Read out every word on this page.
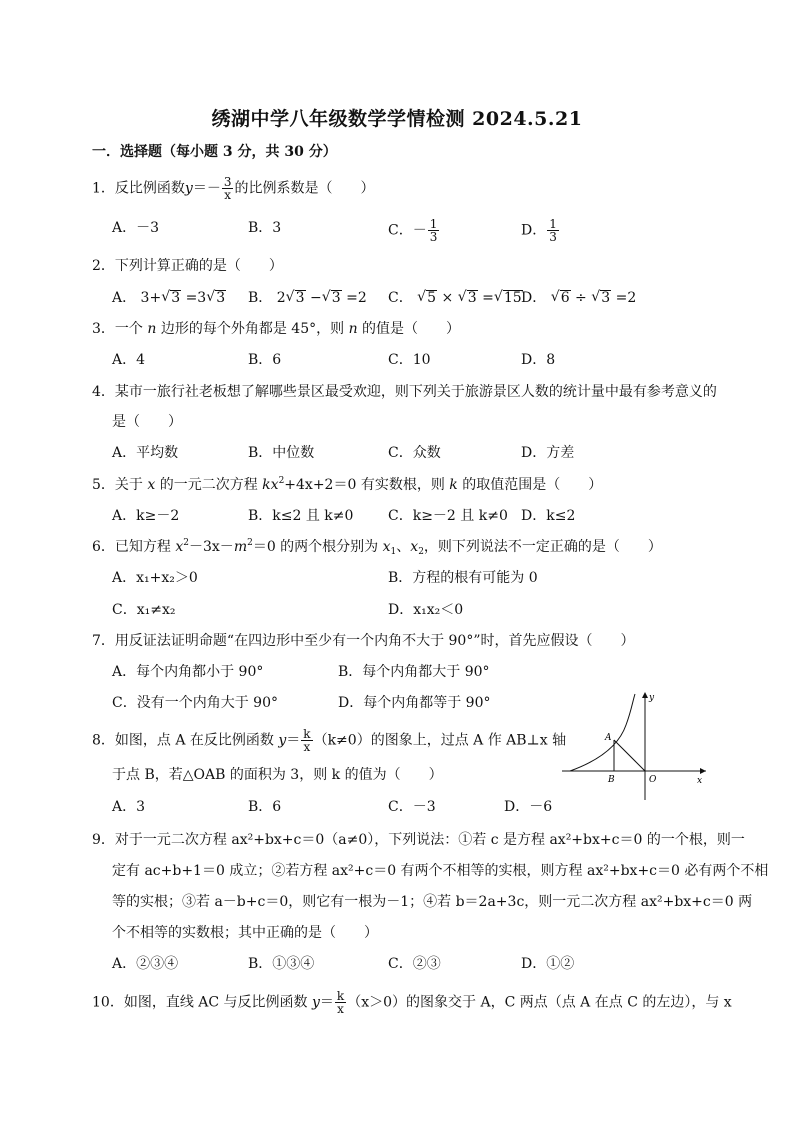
绣湖中学八年级数学学情检测 2024.5.21
一．选择题（每小题 3 分，共 30 分）
1．反比例函数$y=- \frac{3}{x}$ 的比例系数是（　　）
A．－3	B．3	C．－ $\frac{1}{3}$	D． $\frac{1}{3}$
2．下列计算正确的是（　　）
A． 3+ √ 3 =3 √ 3 B． 2 √ 3 − √ 3 =2 C． √ 5 × √ 3 = √ 15 D． √ 6 ÷ √ 3 =2
3．一个 n 边形的每个外角都是 45°，则 n 的值是（　　）
A．4	B．6	C．10	D．8
4．某市一旅行社老板想了解哪些景区最受欢迎，则下列关于旅游景区人数的统计量中最有参考意义的
是（　　）
A．平均数	B．中位数	C．众数	D．方差
5．关于 x 的一元二次方程 $kx^2+4x+2=0$ 有实数根，则 k 的取值范围是（　　）
A．k≥－2	B．k≤2 且 k≠0 C．k≥－2 且 k≠0 D．k≤2
6．已知方程 $x^2-3x-m^2=0$ 的两个根分别为 $x_1$、$x_2$，则下列说法不一定正确的是（　　）
A．x₁+x₂＞0	B．方程的根有可能为 0
C．x₁≠x₂	D．x₁x₂＜0
7．用反证法证明命题“在四边形中至少有一个内角不大于 90°”时，首先应假设（　　）
A．每个内角都小于 90°	B．每个内角都大于 90°
C．没有一个内角大于 90°	D．每个内角都等于 90°
8．如图，点 A 在反比例函数 $y= \frac{k}{x} (k\ne 0)$的图象上，过点 A 作 AB⊥x 轴
于点 B，若△OAB 的面积为 3，则 k 的值为（　　）
A．3	B．6	C．－3	D．－6
A
B	O
y
x
9．对于一元二次方程 ax²+bx+c＝0（a≠0），下列说法：①若 c 是方程 ax²+bx+c＝0 的一个根，则一
定有 ac+b+1＝0 成立；②若方程 ax²+c＝0 有两个不相等的实根，则方程 ax²+bx+c＝0 必有两个不相
等的实根；③若 a－b+c＝0，则它有一根为－1；④若 b＝2a+3c，则一元二次方程 ax²+bx+c＝0 两
个不相等的实数根；其中正确的是（　　）
A．②③④	B．①③④	C．②③	D．①②
10．如图，直线 AC 与反比例函数 $y= \frac{k}{x} (x>0)$的图象交于 A，C 两点（点 A 在点 C 的左边），与 x
